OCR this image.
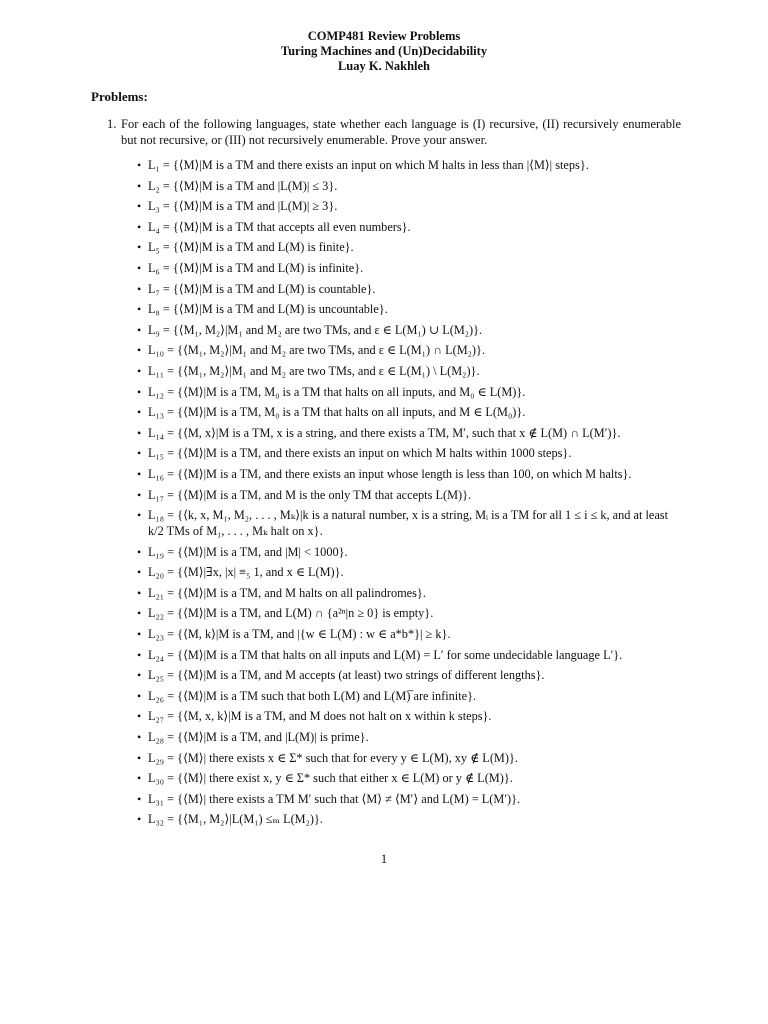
COMP481 Review Problems
Turing Machines and (Un)Decidability
Luay K. Nakhleh
Problems:
1. For each of the following languages, state whether each language is (I) recursive, (II) recursively enumerable but not recursive, or (III) not recursively enumerable. Prove your answer.
• L₁ = {⟨M⟩|M is a TM and there exists an input on which M halts in less than |⟨M⟩| steps}.
• L₂ = {⟨M⟩|M is a TM and |L(M)| ≤ 3}.
• L₃ = {⟨M⟩|M is a TM and |L(M)| ≥ 3}.
• L₄ = {⟨M⟩|M is a TM that accepts all even numbers}.
• L₅ = {⟨M⟩|M is a TM and L(M) is finite}.
• L₆ = {⟨M⟩|M is a TM and L(M) is infinite}.
• L₇ = {⟨M⟩|M is a TM and L(M) is countable}.
• L₈ = {⟨M⟩|M is a TM and L(M) is uncountable}.
• L₉ = {⟨M₁, M₂⟩|M₁ and M₂ are two TMs, and ε ∈ L(M₁) ∪ L(M₂)}.
• L₁₀ = {⟨M₁, M₂⟩|M₁ and M₂ are two TMs, and ε ∈ L(M₁) ∩ L(M₂)}.
• L₁₁ = {⟨M₁, M₂⟩|M₁ and M₂ are two TMs, and ε ∈ L(M₁) \ L(M₂)}.
• L₁₂ = {⟨M⟩|M is a TM, M₀ is a TM that halts on all inputs, and M₀ ∈ L(M)}.
• L₁₃ = {⟨M⟩|M is a TM, M₀ is a TM that halts on all inputs, and M ∈ L(M₀)}.
• L₁₄ = {⟨M, x⟩|M is a TM, x is a string, and there exists a TM, M′, such that x ∉ L(M) ∩ L(M′)}.
• L₁₅ = {⟨M⟩|M is a TM, and there exists an input on which M halts within 1000 steps}.
• L₁₆ = {⟨M⟩|M is a TM, and there exists an input whose length is less than 100, on which M halts}.
• L₁₇ = {⟨M⟩|M is a TM, and M is the only TM that accepts L(M)}.
• L₁₈ = {⟨k, x, M₁, M₂, . . . , Mₖ⟩|k is a natural number, x is a string, Mᵢ is a TM for all 1 ≤ i ≤ k, and at least k/2 TMs of M₁, . . . , Mₖ halt on x}.
• L₁₉ = {⟨M⟩|M is a TM, and |M| < 1000}.
• L₂₀ = {⟨M⟩|∃x, |x| ≡₅ 1, and x ∈ L(M)}.
• L₂₁ = {⟨M⟩|M is a TM, and M halts on all palindromes}.
• L₂₂ = {⟨M⟩|M is a TM, and L(M) ∩ {a²ⁿ|n ≥ 0} is empty}.
• L₂₃ = {⟨M, k⟩|M is a TM, and |{w ∈ L(M) : w ∈ a*b*}| ≥ k}.
• L₂₄ = {⟨M⟩|M is a TM that halts on all inputs and L(M) = L′ for some undecidable language L′}.
• L₂₅ = {⟨M⟩|M is a TM, and M accepts (at least) two strings of different lengths}.
• L₂₆ = {⟨M⟩|M is a TM such that both L(M) and L(M)̅ are infinite}.
• L₂₇ = {⟨M, x, k⟩|M is a TM, and M does not halt on x within k steps}.
• L₂₈ = {⟨M⟩|M is a TM, and |L(M)| is prime}.
• L₂₉ = {⟨M⟩| there exists x ∈ Σ* such that for every y ∈ L(M), xy ∉ L(M)}.
• L₃₀ = {⟨M⟩| there exist x, y ∈ Σ* such that either x ∈ L(M) or y ∉ L(M)}.
• L₃₁ = {⟨M⟩| there exists a TM M′ such that ⟨M⟩ ≠ ⟨M′⟩ and L(M) = L(M′)}.
• L₃₂ = {⟨M₁, M₂⟩|L(M₁) ≤ₘ L(M₂)}.
1
